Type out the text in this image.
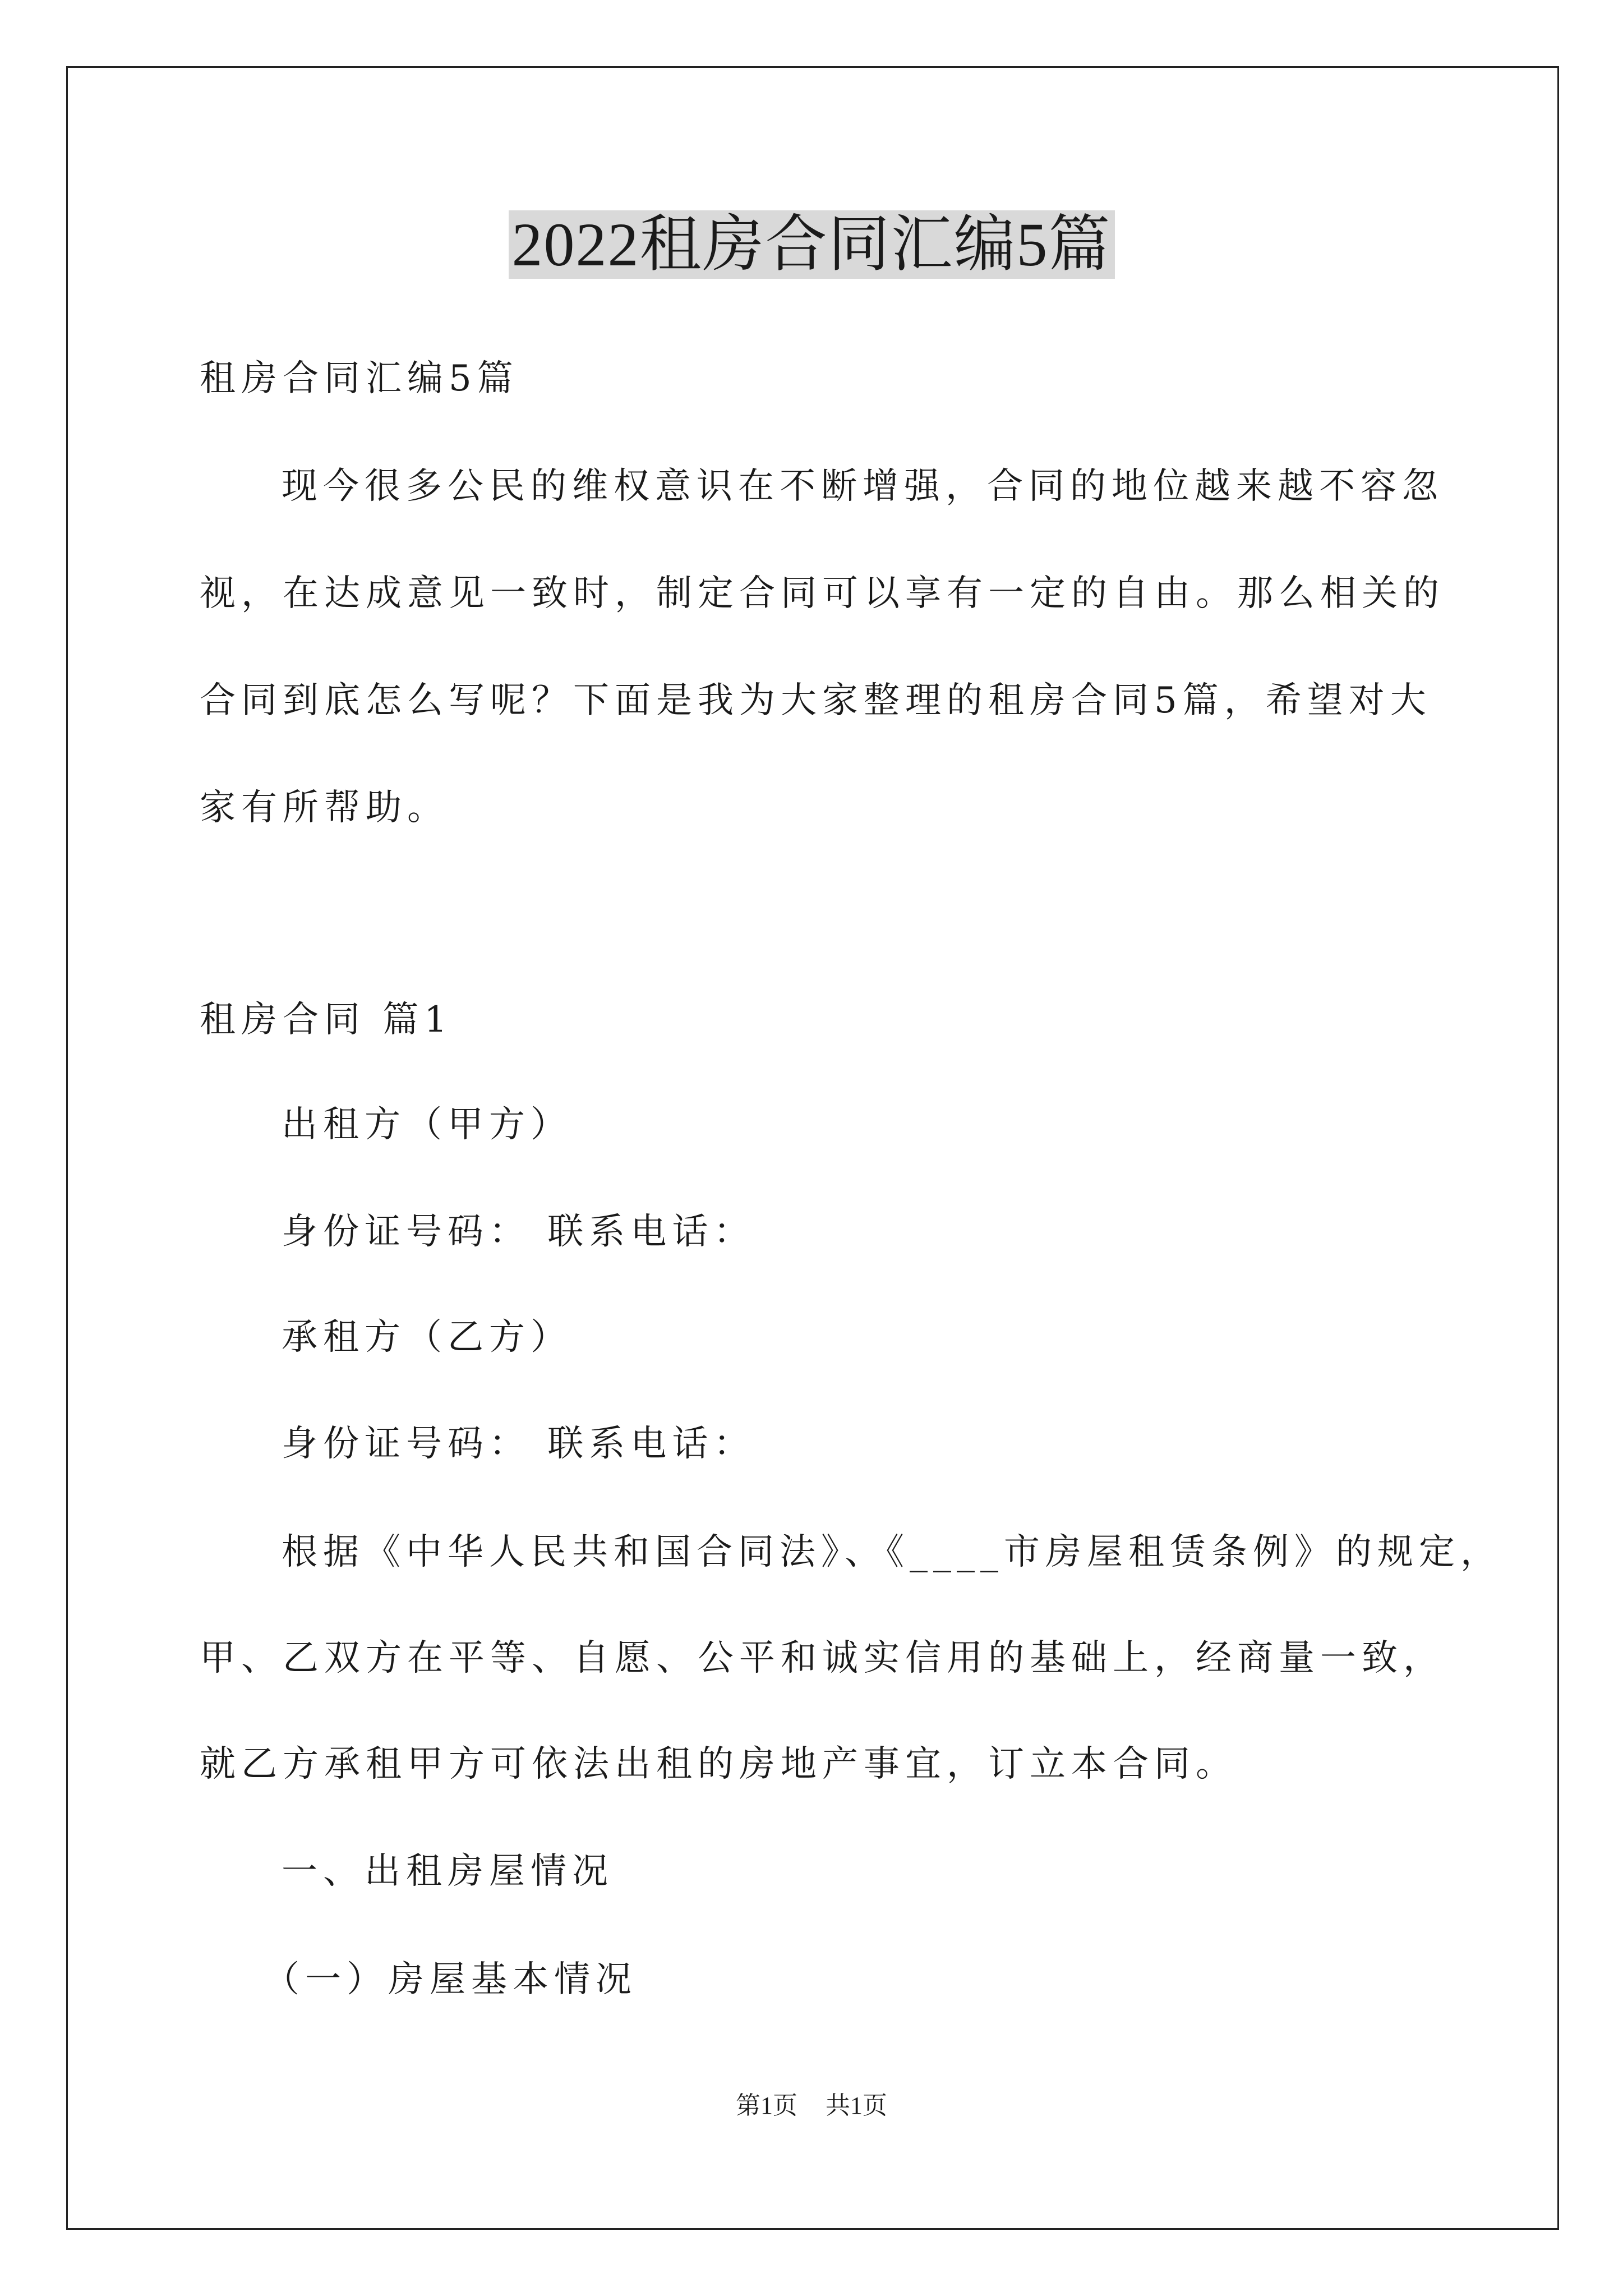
2022租房合同汇编5篇
租房合同汇编5篇
现今很多公民的维权意识在不断增强，合同的地位越来越不容忽
视，在达成意见一致时，制定合同可以享有一定的自由。那么相关的
合同到底怎么写呢？下面是我为大家整理的租房合同5篇，希望对大
家有所帮助。
租房合同 篇1
出租方（甲方）
身份证号码： 联系电话：
承租方（乙方）
身份证号码： 联系电话：
根据《中华人民共和国合同法》、《____市房屋租赁条例》的规定，
甲、乙双方在平等、自愿、公平和诚实信用的基础上，经商量一致，
就乙方承租甲方可依法出租的房地产事宜，订立本合同。
一、出租房屋情况
（一）房屋基本情况
第1页 共1页
